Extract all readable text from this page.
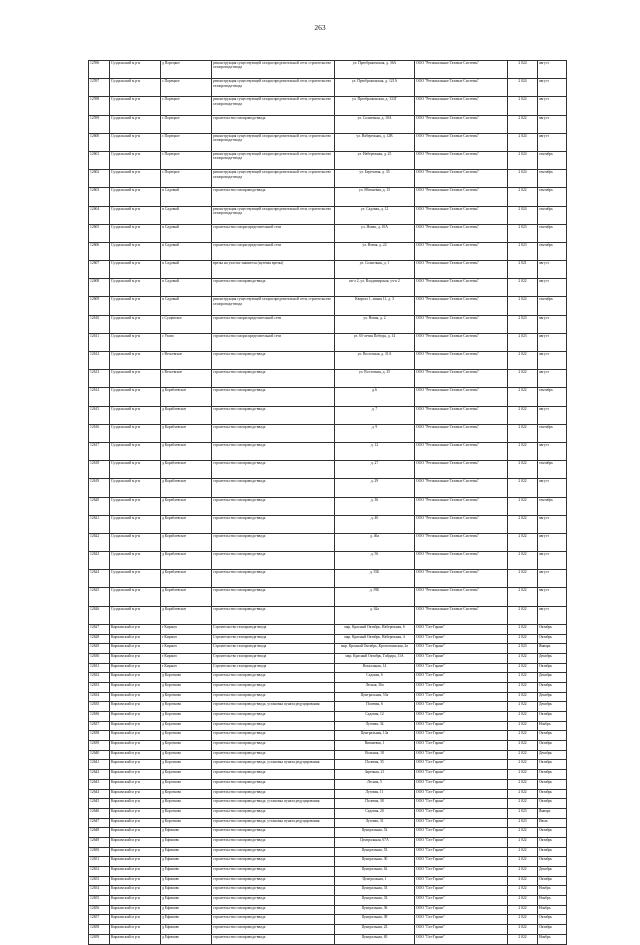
263
12596	Суздальский м р-н	д Порецкое	реконструкция существующей газораспределительной сети, строительство газопровода-ввода	ул. Преображенская, д. 36А	ООО "Региональные Газовые Системы"	2 024	август
12597	Суздальский м р-н	с Порецкое	реконструкция существующей газораспределительной сети, строительство газопровода-ввода	ул. Преображенская, д. 121А	ООО "Региональные Газовые Системы"	2 024	август
12598	Суздальский м р-н	с Порецкое	реконструкция существующей газораспределительной сети, строительство газопровода-ввода	ул. Преображенская, д. 133Г	ООО "Региональные Газовые Системы"	2 024	август
12599	Суздальский м р-н	с Порецкое	строительство газопровода-ввода	ул. Солнечная, д. 10А	ООО "Региональные Газовые Системы"	2 022	август
12600	Суздальский м р-н	с Порецкое	реконструкция существующей газораспределительной сети, строительство газопровода-ввода	ул. Набережная, д. 12В	ООО "Региональные Газовые Системы"	2 024	август
12601	Суздальский м р-н	с Порецкое	реконструкция существующей газораспределительной сети, строительство газопровода-ввода	ул. Набережная, д. 25	ООО "Региональные Газовые Системы"	2 024	сентябрь
12602	Суздальский м р-н	с Порецкое	реконструкция существующей газораспределительной сети, строительство газопровода-ввода	ул. Березовая, д. 35	ООО "Региональные Газовые Системы"	2 024	сентябрь
12603	Суздальский м р-н	п Садовый	строительство газопровода-ввода	ул. Яблоневая, д. 15	ООО "Региональные Газовые Системы"	2 022	сентябрь
12604	Суздальский м р-н	п Садовый	реконструкция существующей газораспределительной сети, строительство газопровода-ввода	ул. Садовая, д. 12	ООО "Региональные Газовые Системы"	2 024	сентябрь
12605	Суздальский м р-н	п Садовый	строительство газораспределительной сети	ул. Новая, д. 10А	ООО "Региональные Газовые Системы"	2 023	сентябрь
12606	Суздальский м р-н	п Садовый	строительство газораспределительной сети	ул. Новая, д. 22	ООО "Региональные Газовые Системы"	2 023	сентябрь
12607	Суздальский м р-н	п Садовый	врезка на участке заявителя (нулевая врезка)	ул. Солнечная, д. 1	ООО "Региональные Газовые Системы"	2 021	август
12608	Суздальский м р-н	п Садовый	строительство газопровода-ввода	кв-л 2, ул. Владимирская, уч-к 2	ООО "Региональные Газовые Системы"	2 022	август
12609	Суздальский м р-н	п Садовый	реконструкция существующей газораспределительной сети, строительство газопровода-ввода	Квартал 1, линия 11, д. 3	ООО "Региональные Газовые Системы"	2 024	сентябрь
12610	Суздальский м р-н	с Сущевское	строительство газораспределительной сети	ул. Новая, д. 2	ООО "Региональные Газовые Системы"	2 023	август
12611	Суздальский м р-н	с Ухово	строительство газораспределительной сети	ул. 65-летия Победы, д. 14	ООО "Региональные Газовые Системы"	2 023	август
12612	Суздальский м р-н	с Весьевское	строительство газопровода-ввода	ул. Восточная, д. 31А	ООО "Региональные Газовые Системы"	2 022	август
12613	Суздальский м р-н	с Весьевское	строительство газопровода-ввода	ул. Восточная, д. 35	ООО "Региональные Газовые Системы"	2 022	август
12614	Суздальский м р-н	д Кораблевское	строительство газопровода-ввода	д.6	ООО "Региональные Газовые Системы"	2 022	сентябрь
12615	Суздальский м р-н	д Кораблевское	строительство газопровода-ввода	д. 7	ООО "Региональные Газовые Системы"	2 022	август
12616	Суздальский м р-н	д Кораблевское	строительство газопровода-ввода	д. 9	ООО "Региональные Газовые Системы"	2 022	сентябрь
12617	Суздальский м р-н	д Кораблевское	строительство газопровода-ввода	д. 12	ООО "Региональные Газовые Системы"	2 022	август
12618	Суздальский м р-н	д Кораблевское	строительство газопровода-ввода	д. 27	ООО "Региональные Газовые Системы"	2 022	сентябрь
12619	Суздальский м р-н	д Кораблевское	строительство газопровода-ввода	д. 29	ООО "Региональные Газовые Системы"	2 022	август
12620	Суздальский м р-н	д Кораблевское	строительство газопровода-ввода	д. 36	ООО "Региональные Газовые Системы"	2 022	сентябрь
12621	Суздальский м р-н	д Кораблевское	строительство газопровода-ввода	д. 40	ООО "Региональные Газовые Системы"	2 022	август
12622	Суздальский м р-н	д Кораблевское	строительство газопровода-ввода	д. 46а	ООО "Региональные Газовые Системы"	2 022	август
12623	Суздальский м р-н	д Кораблевское	строительство газопровода-ввода	д. 56	ООО "Региональные Газовые Системы"	2 022	август
12624	Суздальский м р-н	д Кораблевское	строительство газопровода-ввода	д. 55Б	ООО "Региональные Газовые Системы"	2 022	август
12625	Суздальский м р-н	д Кораблевское	строительство газопровода-ввода	д. 59Б	ООО "Региональные Газовые Системы"	2 022	август
12626	Суздальский м р-н	д Кораблевское	строительство газопровода-ввода	д. 62а	ООО "Региональные Газовые Системы"	2 022	август
12627	Киржачский м р-н	г Киржач	Строительство газопровода-ввода	мкр. Красный Октябрь, Набережная, 6	ООО "Газ-Гарант"	2 022	Октябрь
12628	Киржачский м р-н	г Киржач	Строительство газопровода-ввода	мкр. Красный Октябрь, Набережная, 4	ООО "Газ-Гарант"	2 022	Октябрь
12629	Киржачский м р-н	г Киржач	Строительство газопровода-ввода	мкр. Красный Октябрь, Кропоткинская, 2а	ООО "Газ-Гарант"	2 023	Январь
12630	Киржачский м р-н	г Киржач	Строительство газопровода-ввода	мкр. Красный Октябрь, Гайдара, 11А	ООО "Газ-Гарант"	2 022	Декабрь
12631	Киржачский м р-н	г Киржач	Строительство газопровода-ввода	Вокзальная, 14	ООО "Газ-Гарант"	2 022	Октябрь
12632	Киржачский м р-н	д Коротково	строительство газопровода-ввода	Садовая, 6	ООО "Газ-Гарант"	2 022	Декабрь
12633	Киржачский м р-н	д Коротково	строительство газопровода-ввода	Лесная, 36а	ООО "Газ-Гарант"	2 022	Октябрь
12634	Киржачский м р-н	д Коротково	строительство газопровода-ввода	Центральная, 53а	ООО "Газ-Гарант"	2 022	Декабрь
12635	Киржачский м р-н	д Коротково	строительство газопровода-ввода, установка пункта редуцирования	Полевая, 6	ООО "Газ-Гарант"	2 022	Декабрь
12636	Киржачский м р-н	д Коротково	строительство газопровода-ввода	Садовая, 12	ООО "Газ-Гарант"	2 022	Октябрь
12637	Киржачский м р-н	д Коротково	строительство газопровода-ввода	Луговая, 34	ООО "Газ-Гарант"	2 022	Ноябрь
12638	Киржачский м р-н	д Коротково	строительство газопровода-ввода	Центральная, 13а	ООО "Газ-Гарант"	2 022	Октябрь
12639	Киржачский м р-н	д Коротково	строительство газопровода-ввода	Вишневая, 1	ООО "Газ-Гарант"	2 022	Октябрь
12640	Киржачский м р-н	д Коротково	строительство газопровода-ввода	Вольная, 18	ООО "Газ-Гарант"	2 022	Декабрь
12641	Киржачский м р-н	д Коротково	строительство газопровода-ввода, установка пункта редуцирования	Полевая, 35	ООО "Газ-Гарант"	2 022	Октябрь
12642	Киржачский м р-н	д Коротково	строительство газопровода-ввода	Заречная, 21	ООО "Газ-Гарант"	2 022	Октябрь
12643	Киржачский м р-н	д Коротково	строительство газопровода-ввода	Лесная, 5	ООО "Газ-Гарант"	2 022	Октябрь
12644	Киржачский м р-н	д Коротково	строительство газопровода-ввода	Луговая, 11	ООО "Газ-Гарант"	2 022	Октябрь
12645	Киржачский м р-н	д Коротково	строительство газопровода-ввода, установка пункта редуцирования	Полевая, 38	ООО "Газ-Гарант"	2 022	Октябрь
12646	Киржачский м р-н	д Коротково	строительство газопровода-ввода	Садовая, 20	ООО "Газ-Гарант"	2 023	Январь
12647	Киржачский м р-н	д Коротково	строительство газопровода-ввода, установка пункта редуцирования	Луговая, 31	ООО "Газ-Гарант"	2 023	Июль
12648	Киржачский м р-н	д Ефимово	строительство газопровода-ввода	Центральная, 52	ООО "Газ-Гарант"	2 022	Октябрь
12649	Киржачский м р-н	д Ефимово	строительство газопровода-ввода	Центральная, 67А	ООО "Газ-Гарант"	2 022	Октябрь
12650	Киржачский м р-н	д Ефимово	строительство газопровода-ввода	Центральная, 53	ООО "Газ-Гарант"	2 022	Октябрь
12651	Киржачский м р-н	д Ефимово	строительство газопровода-ввода	Центральная, 30	ООО "Газ-Гарант"	2 022	Октябрь
12652	Киржачский м р-н	д Ефимово	строительство газопровода-ввода	Центральная, 62	ООО "Газ-Гарант"	2 022	Декабрь
12653	Киржачский м р-н	д Ефимово	строительство газопровода-ввода	Центральная, 1	ООО "Газ-Гарант"	2 022	Октябрь
12654	Киржачский м р-н	д Ефимово	строительство газопровода-ввода	Центральная, 33	ООО "Газ-Гарант"	2 022	Ноябрь
12655	Киржачский м р-н	д Ефимово	строительство газопровода-ввода	Центральная, 33	ООО "Газ-Гарант"	2 022	Ноябрь
12656	Киржачский м р-н	д Ефимово	строительство газопровода-ввода	Центральная, 36	ООО "Газ-Гарант"	2 022	Ноябрь
12657	Киржачский м р-н	д Ефимово	строительство газопровода-ввода	Центральная, 38	ООО "Газ-Гарант"	2 022	Октябрь
12658	Киржачский м р-н	д Ефимово	строительство газопровода-ввода	Центральная, 23	ООО "Газ-Гарант"	2 022	Октябрь
12659	Киржачский м р-н	д Ефимово	строительство газопровода-ввода	Центральная, 65	ООО "Газ-Гарант"	2 022	Ноябрь
